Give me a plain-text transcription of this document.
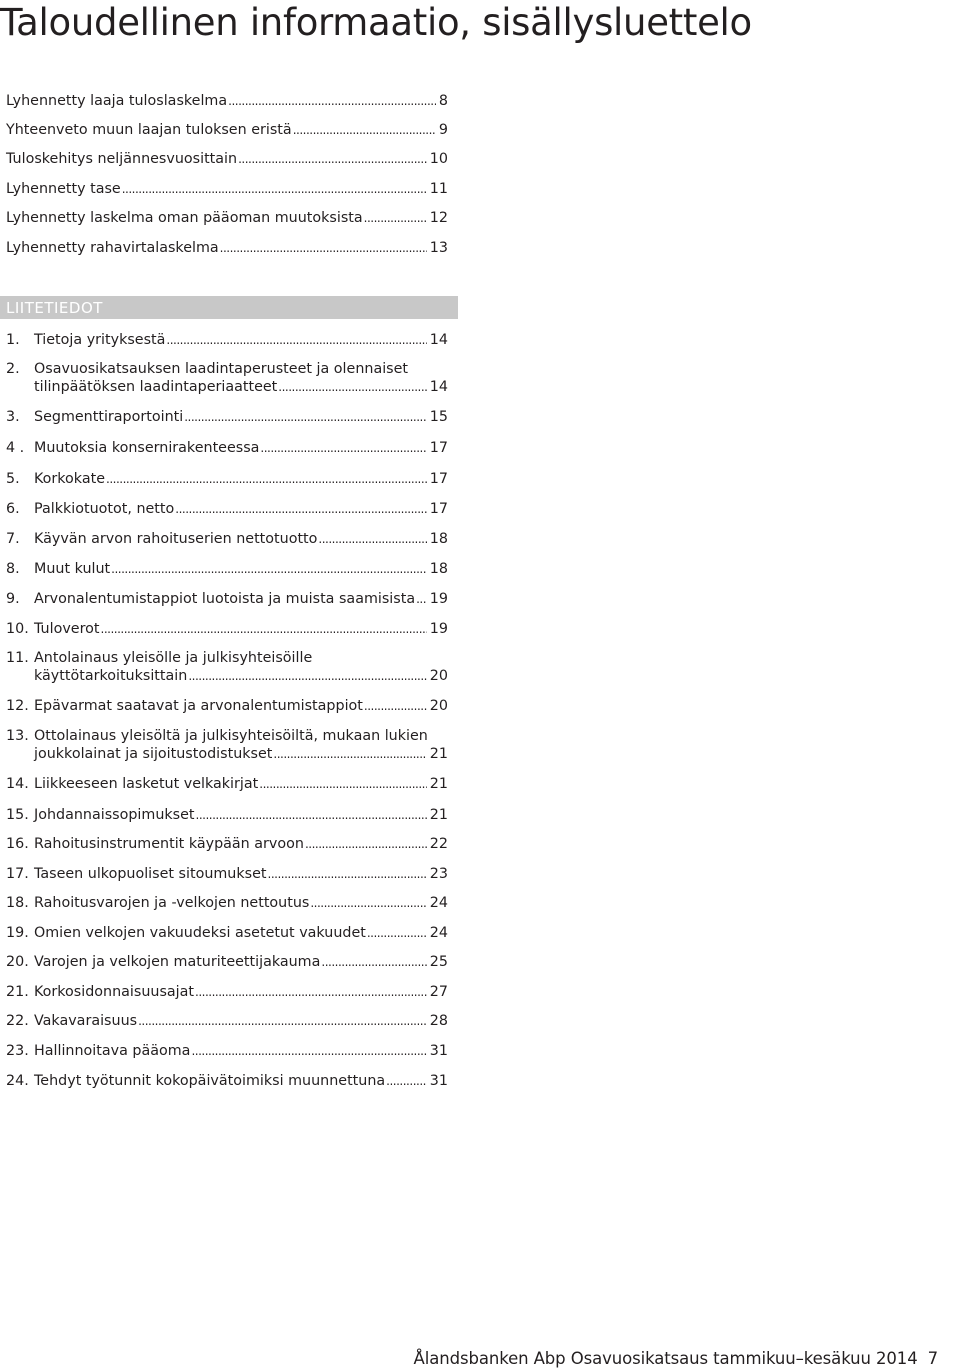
Taloudellinen informaatio, sisällysluettelo
Lyhennetty laaja tuloslaskelma .....	8
Yhteenveto muun laajan tuloksen eristä .....	9
Tuloskehitys neljännesvuosittain .....	10
Lyhennetty tase .....	11
Lyhennetty laskelma oman pääoman muutoksista .....	12
Lyhennetty rahavirtalaskelma .....	13
LIITETIEDOT
1. Tietoja yrityksestä .....	14
2. Osavuosikatsauksen laadintaperusteet ja olennaiset
tilinpäätöksen laadintaperiaatteet .....	14
3. Segmenttiraportointi .....	15
4 . Muutoksia konsernirakenteessa .....	17
5. Korkokate .....	17
6. Palkkiotuotot, netto .....	17
7. Käyvän arvon rahoituserien nettotuotto .....	18
8. Muut kulut .....	18
9. Arvonalentumistappiot luotoista ja muista saamisista ..... 19
10. Tuloverot .....	19
11. Antolainaus yleisölle ja julkisyhteisöille
käyttötarkoituksittain .....	20
12. Epävarmat saatavat ja arvonalentumistappiot .....	20
13. Ottolainaus yleisöltä ja julkisyhteisöiltä, mukaan lukien
joukkolainat ja sijoitustodistukset .....	21
14. Liikkeeseen lasketut velkakirjat .....	21
15. Johdannaissopimukset .....	21
16. Rahoitusinstrumentit käypään arvoon .....	22
17. Taseen ulkopuoliset sitoumukset .....	23
18. Rahoitusvarojen ja -velkojen nettoutus .....	24
19. Omien velkojen vakuudeksi asetetut vakuudet .....	24
20. Varojen ja velkojen maturiteettijakauma .....	25
21. Korkosidonnaisuusajat .....	27
22. Vakavaraisuus .....	28
23. Hallinnoitava pääoma .....	31
24. Tehdyt työtunnit kokopäivätoimiksi muunnettuna .....	31
Ålandsbanken Abp Osavuosikatsaus tammikuu–kesäkuu 2014 7
